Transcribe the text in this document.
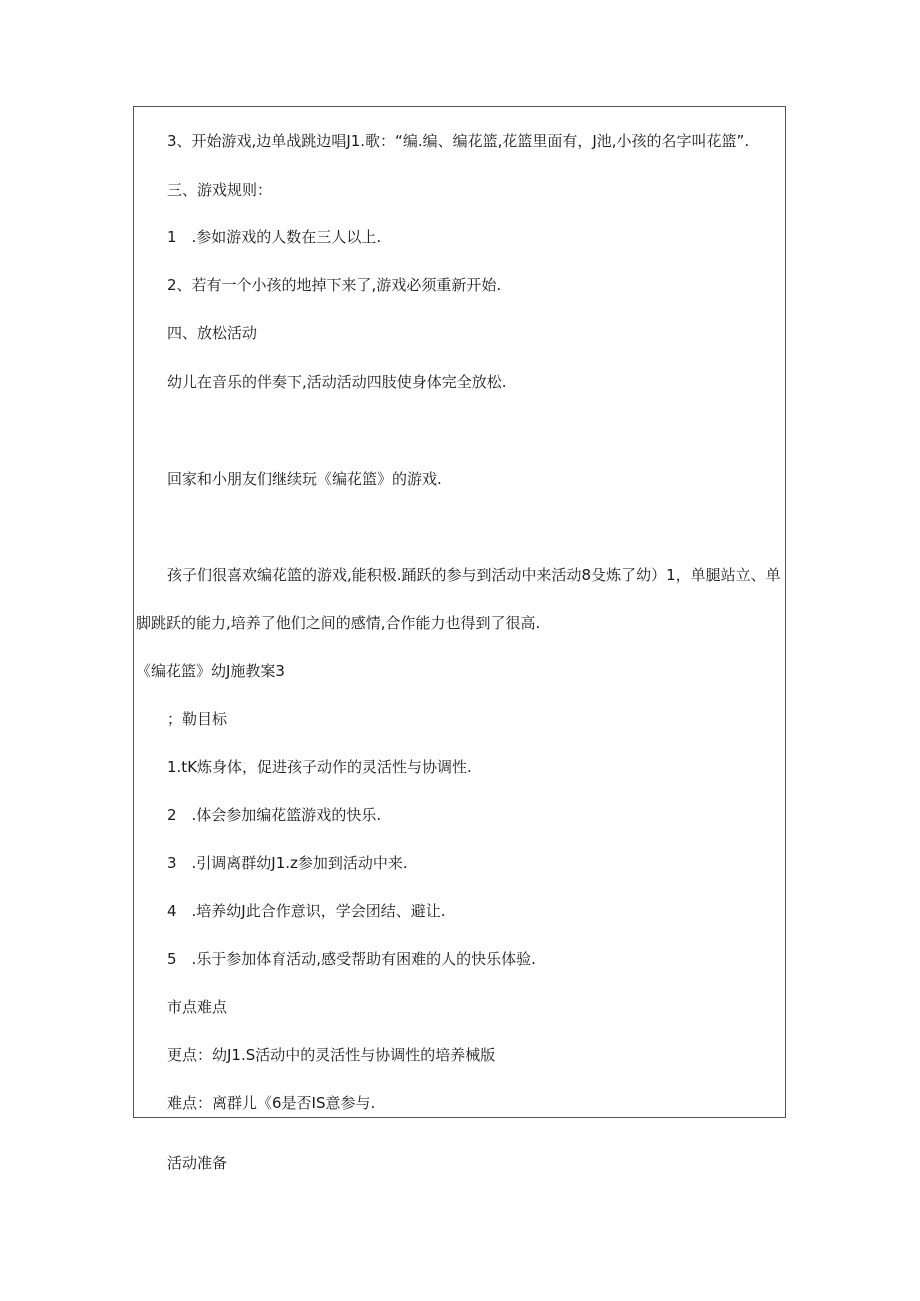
3、开始游戏,边单战跳边唱J1.歌：“编.编、编花篮,花篮里面有，J池,小孩的名字叫花篮”.
三、游戏规则：
1　.参如游戏的人数在三人以上.
2、若有一个小孩的地掉下来了,游戏必须重新开始.
四、放松活动
幼儿在音乐的伴奏下,活动活动四肢使身体完全放松.
回家和小朋友们继续玩《编花篮》的游戏.
孩子们很喜欢编花篮的游戏,能积极.踊跃的参与到活动中来活动8殳炼了幼）1，单腿站立、单
脚跳跃的能力,培养了他们之间的感情,合作能力也得到了很高.
《编花篮》幼J施教案3
；勒目标
1.tK炼身体，促进孩子动作的灵活性与协调性.
2　.体会参加编花篮游戏的快乐.
3　.引调离群幼J1.z参加到活动中来.
4　.培养幼J此合作意识，学会团结、避让.
5　.乐于参加体育活动,感受帮助有困难的人的快乐体验.
市点难点
更点：幼J1.S活动中的灵活性与协调性的培养械版
难点：离群儿《6是否IS意参与.
活动准备
